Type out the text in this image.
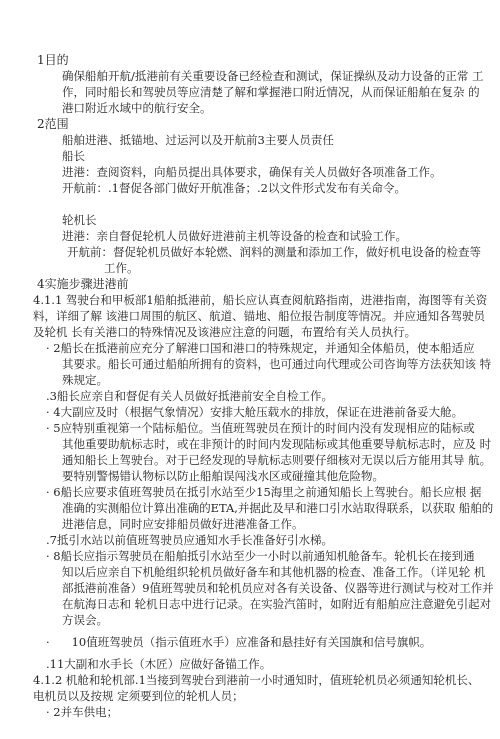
1目的
确保船舶开航/抵港前有关重要设备已经检查和测试，保证操纵及动力设备的正常 工
作，同时船长和驾驶员等应清楚了解和掌握港口附近情况，从而保证船舶在复杂 的
港口附近水域中的航行安全。
2范围
船舶进港、抵锚地、过运河以及开航前3主要人员责任
船长
进港：查阅资料，向船员提出具体要求，确保有关人员做好各项准备工作。
开航前：.1督促各部门做好开航准备；.2以文件形式发布有关命令。
轮机长
进港：亲自督促轮机人员做好进港前主机等设备的检查和试验工作。
开航前：督促轮机员做好本轮燃、润料的测量和添加工作，做好机电设备的检查等
工作。
4实施步骤进港前
4.1.1 驾驶台和甲板部1船舶抵港前，船长应认真查阅航路指南，进港指南，海图等有关资
料，详细了解 该港口周围的航区、航道、锚地、船位报告制度等情况。并应通知各驾驶员
及轮机 长有关港口的特殊情况及该港应注意的问题，布置给有关人员执行。
· 2船长在抵港前应充分了解港口国和港口的特殊规定，并通知全体船员，使本船适应
其要求。船长可通过船舶所拥有的资料，也可通过向代理或公司咨询等方法获知该 特
殊规定。
.3船长应亲自和督促有关人员做好抵港前安全自检工作。
· 4大副应及时（根据气象情况）安排大舱压载水的排放，保证在进港前备妥大舱。
· 5应特别重视第一个陆标船位。当值班驾驶员在预计的时间内没有发现相应的陆标或
其他重要助航标志时，或在非预计的时间内发现陆标或其他重要导航标志时，应及 时
通知船长上驾驶台。对于已经发现的导航标志则要仔细核对无误以后方能用其导 航。
要特别警惕错认物标以防止船舶误闯浅水区或碰撞其他危险物。
· 6船长应要求值班驾驶员在抵引水站至少15海里之前通知船长上驾驶台。船长应根 据
准确的实测船位计算出准确的ETA,并据此及早和港口引水站取得联系，以获取 船舶的
进港信息，同时应安排船员做好进港准备工作。
.7抵引水站以前值班驾驶员应通知水手长准备好引水梯。
· 8船长应指示驾驶员在船舶抵引水站至少一小时以前通知机舱备车。轮机长在接到通
知以后应亲自下机舱组织轮机员做好备车和其他机器的检查、准备工作。（详见轮 机
部抵港前准备）9值班驾驶员和轮机员应对各有关设备、仪器等进行测试与校对工作并
在航海日志和 轮机日志中进行记录。在实验汽笛时，如附近有船舶应注意避免引起对
方误会。
·      10值班驾驶员（指示值班水手）应准备和悬挂好有关国旗和信号旗帜。
.11大副和水手长（木匠）应做好备锚工作。
4.1.2 机舱和轮机部.1当接到驾驶台到港前一小时通知时，值班轮机员必须通知轮机长、
电机员以及按规 定须要到位的轮机人员；
· 2并车供电；
